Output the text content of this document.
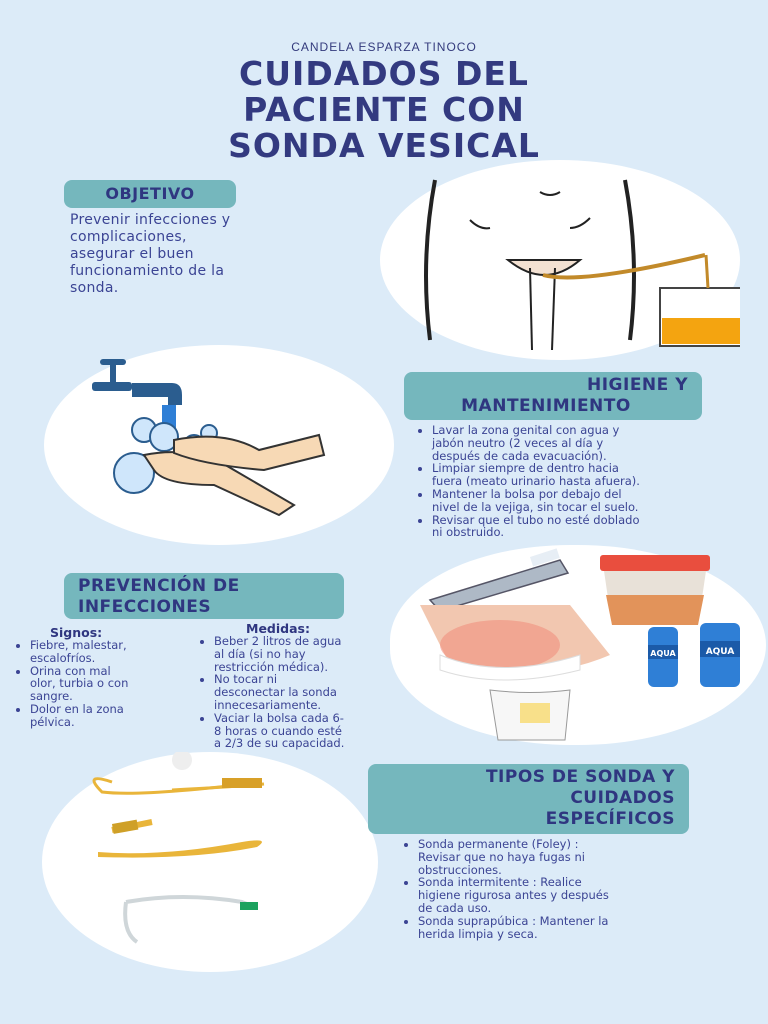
CANDELA ESPARZA TINOCO
CUIDADOS DEL
PACIENTE CON
SONDA VESICAL
OBJETIVO
Prevenir infecciones y
complicaciones,
asegurar el buen
funcionamiento de la
sonda.
HIGIENE Y
MANTENIMIENTO
• Lavar la zona genital con agua y
jabón neutro (2 veces al día y
después de cada evacuación).
• Limpiar siempre de dentro hacia
fuera (meato urinario hasta afuera).
• Mantener la bolsa por debajo del
nivel de la vejiga, sin tocar el suelo.
• Revisar que el tubo no esté doblado
ni obstruido.
AQUA	AQUA
PREVENCIÓN DE
INFECCIONES
Signos:
• Fiebre, malestar,
escalofríos.
• Orina con mal
olor, turbia o con
sangre.
• Dolor en la zona
pélvica.
Medidas:
• Beber 2 litros de agua
al día (si no hay
restricción médica).
• No tocar ni
desconectar la sonda
innecesariamente.
• Vaciar la bolsa cada 6-
8 horas o cuando esté
a 2/3 de su capacidad.
TIPOS DE SONDA Y
CUIDADOS
ESPECÍFICOS
• Sonda permanente (Foley) :
Revisar que no haya fugas ni
obstrucciones.
• Sonda intermitente : Realice
higiene rigurosa antes y después
de cada uso.
• Sonda suprapúbica : Mantener la
herida limpia y seca.
